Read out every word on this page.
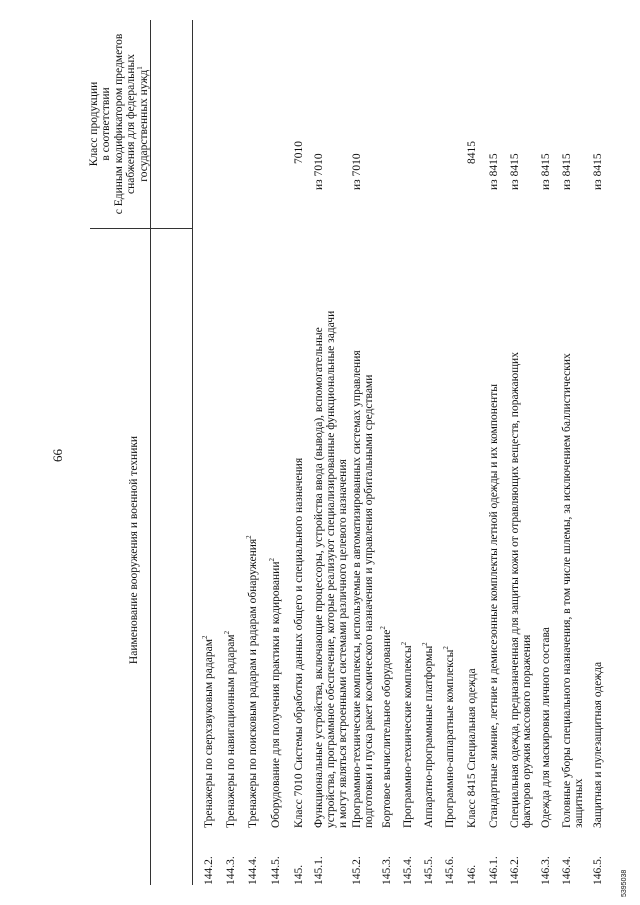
66	Наименование вооружения и военной техники
Класс продукции в соответствии с Единым кодификатором предметов снабжения для федеральных государственных нужд$^1$
144.2.
Тренажеры по сверхзвуковым радарам$^2$
144.3.
Тренажеры по навигационным радарам$^2$
144.4.
Тренажеры по поисковым радарам и радарам обнаружения$^2$
144.5.
Оборудование для получения практики в кодировании$^2$
145.
Класс 7010 Системы обработки данных общего и специального назначения
7010
145.1.
Функциональные устройства, включающие процессоры, устройства ввода (вывода), вспомогательные устройства, программное обеспечение, которые реализуют специализированные функциональные задачи и могут являться встроенными системами различного целевого назначения
из 7010
145.2.
Программно-технические комплексы, используемые в автоматизированных системах управления подготовки и пуска ракет космического назначения и управления орбитальными средствами
из 7010
145.3.
Бортовое вычислительное оборудование$^2$
145.4.
Программно-технические комплексы$^2$
145.5.
Аппаратно-программные платформы$^2$
145.6.
Программно-аппаратные комплексы$^2$
146.
Класс 8415 Специальная одежда
8415
146.1.
Стандартные зимние, летние и демисезонные комплекты летной одежды и их компоненты
из 8415
146.2.
Специальная одежда, предназначенная для защиты кожи от отравляющих веществ, поражающих факторов оружия массового поражения
из 8415
146.3.
Одежда для маскировки личного состава
из 8415
146.4.
Головные уборы специального назначения, в том числе шлемы, за исключением баллистических защитных
из 8415
146.5.
Защитная и пулезащитная одежда
из 8415
5395038
